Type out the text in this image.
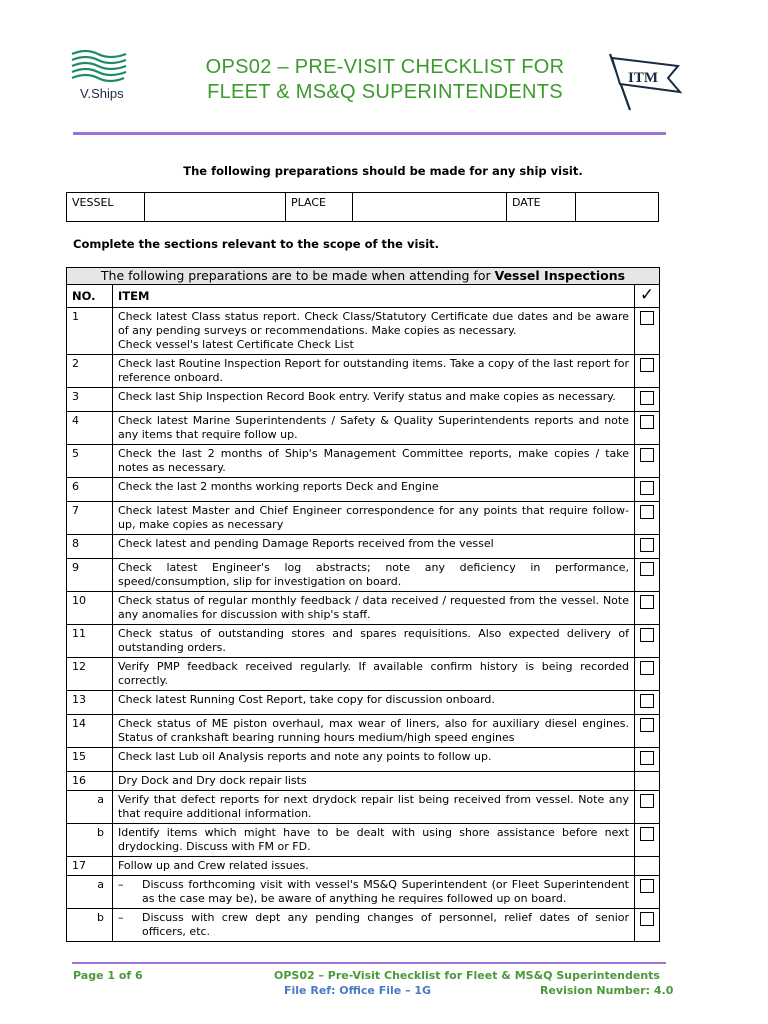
V.Ships
OPS02 – PRE-VISIT CHECKLIST FOR
FLEET & MS&Q SUPERINTENDENTS
ITM
The following preparations should be made for any ship visit.
VESSEL		PLACE		DATE	
Complete the sections relevant to the scope of the visit.
The following preparations are to be made when attending for Vessel Inspections		
NO.	ITEM	✓
1	Check latest Class status report. Check Class/Statutory Certificate due dates and be aware of any pending surveys or recommendations. Make copies as necessary.
Check vessel's latest Certificate Check List	

2	Check last Routine Inspection Report for outstanding items. Take a copy of the last report for reference onboard.	

3	Check last Ship Inspection Record Book entry. Verify status and make copies as necessary.	

4	Check latest Marine Superintendents / Safety & Quality Superintendents reports and note any items that require follow up.	

5	Check the last 2 months of Ship's Management Committee reports, make copies / take notes as necessary.	

6	Check the last 2 months working reports Deck and Engine	

7	Check latest Master and Chief Engineer correspondence for any points that require follow-up, make copies as necessary	

8	Check latest and pending Damage Reports received from the vessel	

9	Check latest Engineer's log abstracts; note any deficiency in performance, speed/consumption, slip for investigation on board.	

10	Check status of regular monthly feedback / data received / requested from the vessel. Note any anomalies for discussion with ship's staff.	

11	Check status of outstanding stores and spares requisitions. Also expected delivery of outstanding orders.	

12	Verify PMP feedback received regularly. If available confirm history is being recorded correctly.	

13	Check latest Running Cost Report, take copy for discussion onboard.	

14	Check status of ME piston overhaul, max wear of liners, also for auxiliary diesel engines. Status of crankshaft bearing running hours medium/high speed engines	

15	Check last Lub oil Analysis reports and note any points to follow up.	

16	Dry Dock and Dry dock repair lists	

a	Verify that defect reports for next drydock repair list being received from vessel. Note any that require additional information.	

b	Identify items which might have to be dealt with using shore assistance before next drydocking. Discuss with FM or FD.	

17	Follow up and Crew related issues.	

a	– Discuss forthcoming visit with vessel's MS&Q Superintendent (or Fleet Superintendent as the case may be), be aware of anything he requires followed up on board.	

b	– Discuss with crew dept any pending changes of personnel, relief dates of senior officers, etc.	

Page 1 of 6	OPS02 – Pre-Visit Checklist for Fleet & MS&Q Superintendents
File Ref: Office File – 1G	Revision Number: 4.0
